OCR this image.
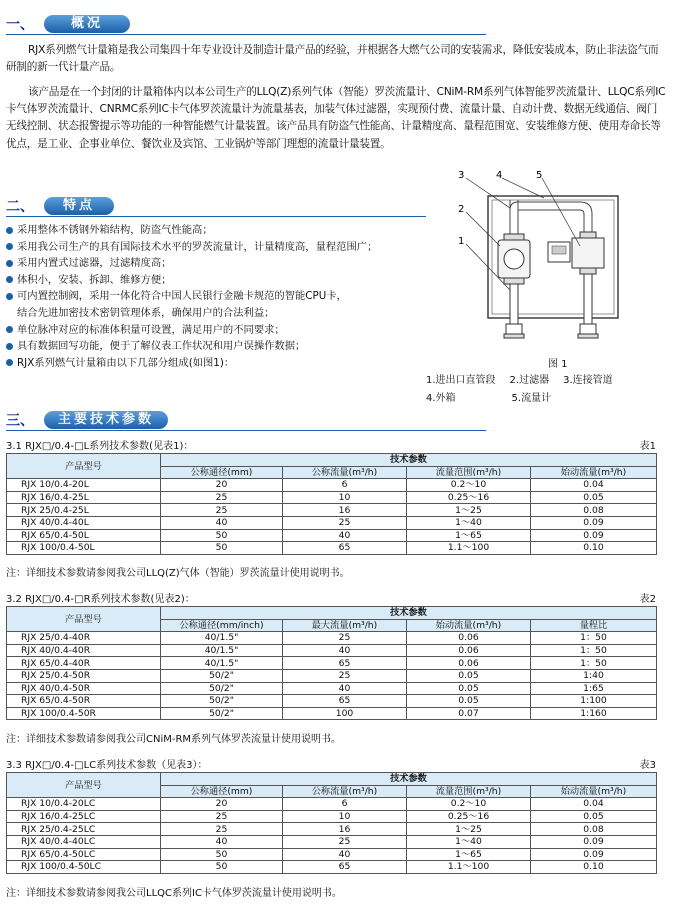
一、	概况
RJX系列燃气计量箱是我公司集四十年专业设计及制造计量产品的经验，并根据各大燃气公司的安装需求，降低安装成本，防止非法盗气而研制的新一代计量产品。
该产品是在一个封闭的计量箱体内以本公司生产的LLQ(Z)系列气体（智能）罗茨流量计、CNiM-RM系列气体智能罗茨流量计、LLQC系列IC卡气体罗茨流量计、CNRMC系列IC卡气体罗茨流量计为流量基表，加装气体过滤器，实现预付费、流量计量、自动计费、数据无线通信、阀门无线控制、状态报警提示等功能的一种智能燃气计量装置。该产品具有防盗气性能高、计量精度高、量程范围宽、安装维修方便、使用寿命长等优点，是工业、企事业单位、餐饮业及宾馆、工业锅炉等部门理想的流量计量装置。
二、	特点
采用整体不锈钢外箱结构，防盗气性能高；
采用我公司生产的具有国际技术水平的罗茨流量计，计量精度高，量程范围广；
采用内置式过滤器，过滤精度高；
体积小，安装、拆卸、维修方便；
可内置控制阀，采用一体化符合中国人民银行金融卡规范的智能CPU卡，
结合先进加密技术密钥管理体系，确保用户的合法利益；
单位脉冲对应的标准体积量可设置，满足用户的不同要求；
具有数据回写功能，便于了解仪表工作状况和用户误操作数据；
RJX系列燃气计量箱由以下几部分组成(如图1)：
3
2
1
4	5
图 1
1.进出口直管段 2.过滤器 3.连接管道
4.外箱	5.流量计
三、	主要技术参数
3.1 RJX□/0.4-□L系列技术参数(见表1)：	表1
产品型号	技术参数			
	公称通径(mm)	公称流量(m³/h)	流量范围(m³/h)	始动流量(m³/h)
RJX 10/0.4-20L	20	6	0.2～10	0.04
RJX 16/0.4-25L	25	10	0.25～16	0.05
RJX 25/0.4-25L	25	16	1～25	0.08
RJX 40/0.4-40L	40	25	1～40	0.09
RJX 65/0.4-50L	50	40	1～65	0.09
RJX 100/0.4-50L	50	65	1.1～100	0.10
注：详细技术参数请参阅我公司LLQ(Z)气体（智能）罗茨流量计使用说明书。
3.2 RJX□/0.4-□R系列技术参数(见表2)：	表2
产品型号	技术参数			
	公称通径(mm/inch)	最大流量(m³/h)	始动流量(m³/h)	量程比
RJX 25/0.4-40R	40/1.5"	25	0.06	1：50
RJX 40/0.4-40R	40/1.5"	40	0.06	1：50
RJX 65/0.4-40R	40/1.5"	65	0.06	1：50
RJX 25/0.4-50R	50/2"	25	0.05	1:40
RJX 40/0.4-50R	50/2"	40	0.05	1:65
RJX 65/0.4-50R	50/2"	65	0.05	1:100
RJX 100/0.4-50R	50/2"	100	0.07	1:160
注：详细技术参数请参阅我公司CNiM-RM系列气体罗茨流量计使用说明书。
3.3 RJX□/0.4-□LC系列技术参数（见表3）：	表3
产品型号	技术参数			
	公称通径(mm)	公称流量(m³/h)	流量范围(m³/h)	始动流量(m³/h)
RJX 10/0.4-20LC	20	6	0.2～10	0.04
RJX 16/0.4-25LC	25	10	0.25～16	0.05
RJX 25/0.4-25LC	25	16	1～25	0.08
RJX 40/0.4-40LC	40	25	1～40	0.09
RJX 65/0.4-50LC	50	40	1～65	0.09
RJX 100/0.4-50LC	50	65	1.1～100	0.10
注：详细技术参数请参阅我公司LLQC系列IC卡气体罗茨流量计使用说明书。
